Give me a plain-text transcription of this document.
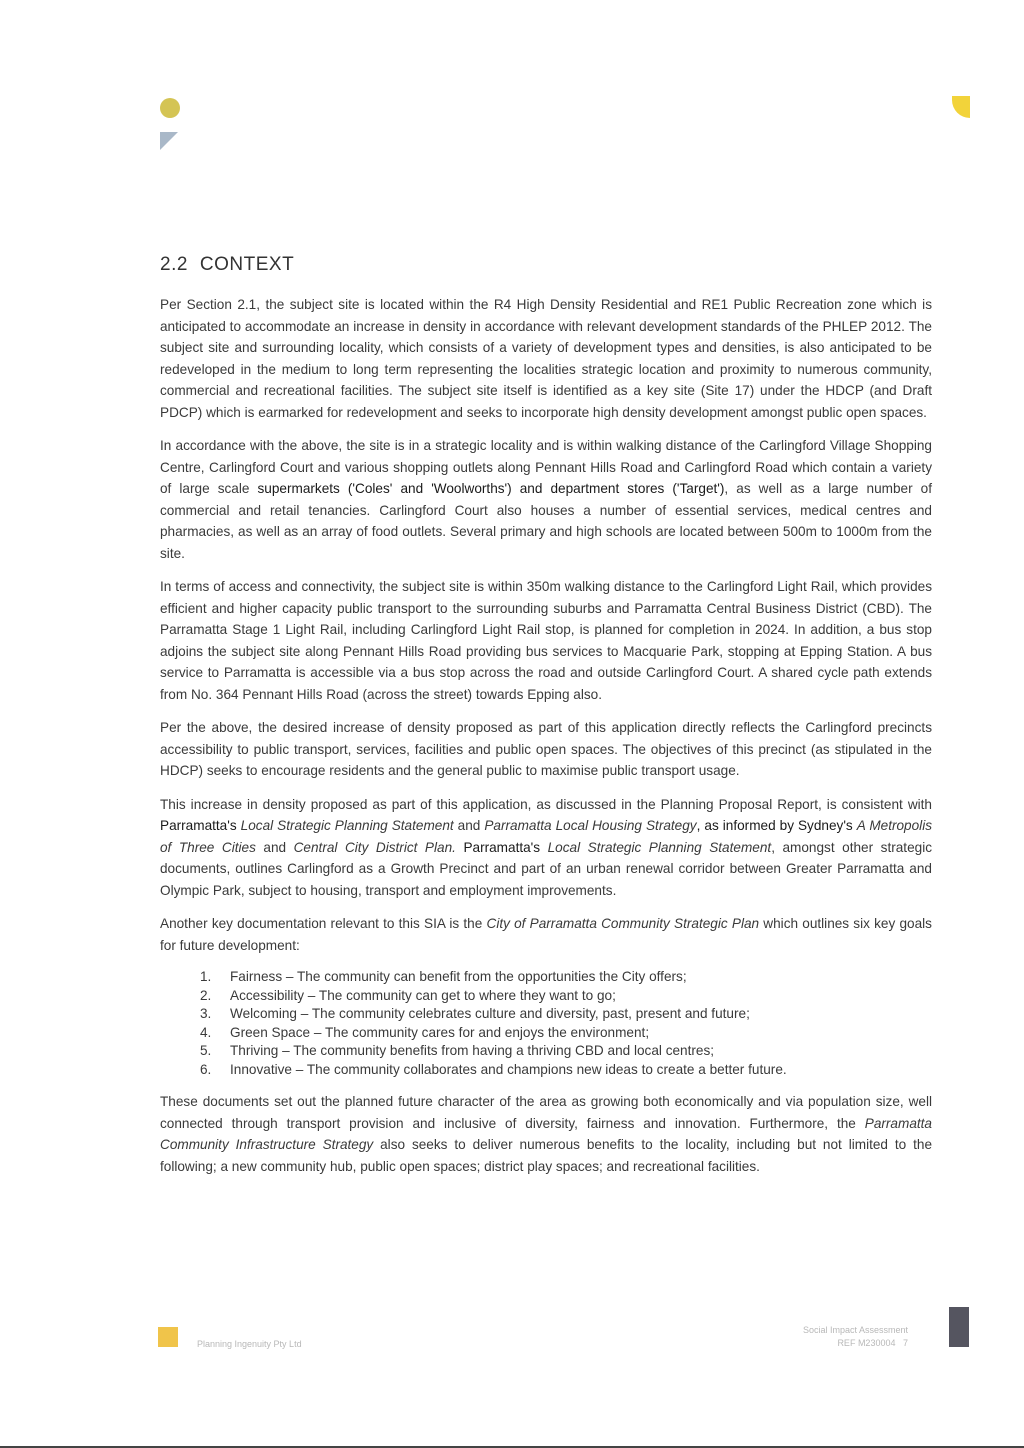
2.2 CONTEXT

Per Section 2.1, the subject site is located within the R4 High Density Residential and RE1 Public Recreation zone which is anticipated to accommodate an increase in density in accordance with relevant development standards of the PHLEP 2012. The subject site and surrounding locality, which consists of a variety of development types and densities, is also anticipated to be redeveloped in the medium to long term representing the localities strategic location and proximity to numerous community, commercial and recreational facilities. The subject site itself is identified as a key site (Site 17) under the HDCP (and Draft PDCP) which is earmarked for redevelopment and seeks to incorporate high density development amongst public open spaces.

In accordance with the above, the site is in a strategic locality and is within walking distance of the Carlingford Village Shopping Centre, Carlingford Court and various shopping outlets along Pennant Hills Road and Carlingford Road which contain a variety of large scale supermarkets ('Coles' and 'Woolworths') and department stores ('Target'), as well as a large number of commercial and retail tenancies. Carlingford Court also houses a number of essential services, medical centres and pharmacies, as well as an array of food outlets. Several primary and high schools are located between 500m to 1000m from the site.

In terms of access and connectivity, the subject site is within 350m walking distance to the Carlingford Light Rail, which provides efficient and higher capacity public transport to the surrounding suburbs and Parramatta Central Business District (CBD). The Parramatta Stage 1 Light Rail, including Carlingford Light Rail stop, is planned for completion in 2024. In addition, a bus stop adjoins the subject site along Pennant Hills Road providing bus services to Macquarie Park, stopping at Epping Station. A bus service to Parramatta is accessible via a bus stop across the road and outside Carlingford Court. A shared cycle path extends from No. 364 Pennant Hills Road (across the street) towards Epping also.

Per the above, the desired increase of density proposed as part of this application directly reflects the Carlingford precincts accessibility to public transport, services, facilities and public open spaces. The objectives of this precinct (as stipulated in the HDCP) seeks to encourage residents and the general public to maximise public transport usage.

This increase in density proposed as part of this application, as discussed in the Planning Proposal Report, is consistent with Parramatta's Local Strategic Planning Statement and Parramatta Local Housing Strategy, as informed by Sydney's A Metropolis of Three Cities and Central City District Plan. Parramatta's Local Strategic Planning Statement, amongst other strategic documents, outlines Carlingford as a Growth Precinct and part of an urban renewal corridor between Greater Parramatta and Olympic Park, subject to housing, transport and employment improvements.

Another key documentation relevant to this SIA is the City of Parramatta Community Strategic Plan which outlines six key goals for future development:

1. Fairness – The community can benefit from the opportunities the City offers;
2. Accessibility – The community can get to where they want to go;
3. Welcoming – The community celebrates culture and diversity, past, present and future;
4. Green Space – The community cares for and enjoys the environment;
5. Thriving – The community benefits from having a thriving CBD and local centres;
6. Innovative – The community collaborates and champions new ideas to create a better future.

These documents set out the planned future character of the area as growing both economically and via population size, well connected through transport provision and inclusive of diversity, fairness and innovation. Furthermore, the Parramatta Community Infrastructure Strategy also seeks to deliver numerous benefits to the locality, including but not limited to the following; a new community hub, public open spaces; district play spaces; and recreational facilities.

Planning Ingenuity Pty Ltd
Social Impact Assessment
REF M230004 7
